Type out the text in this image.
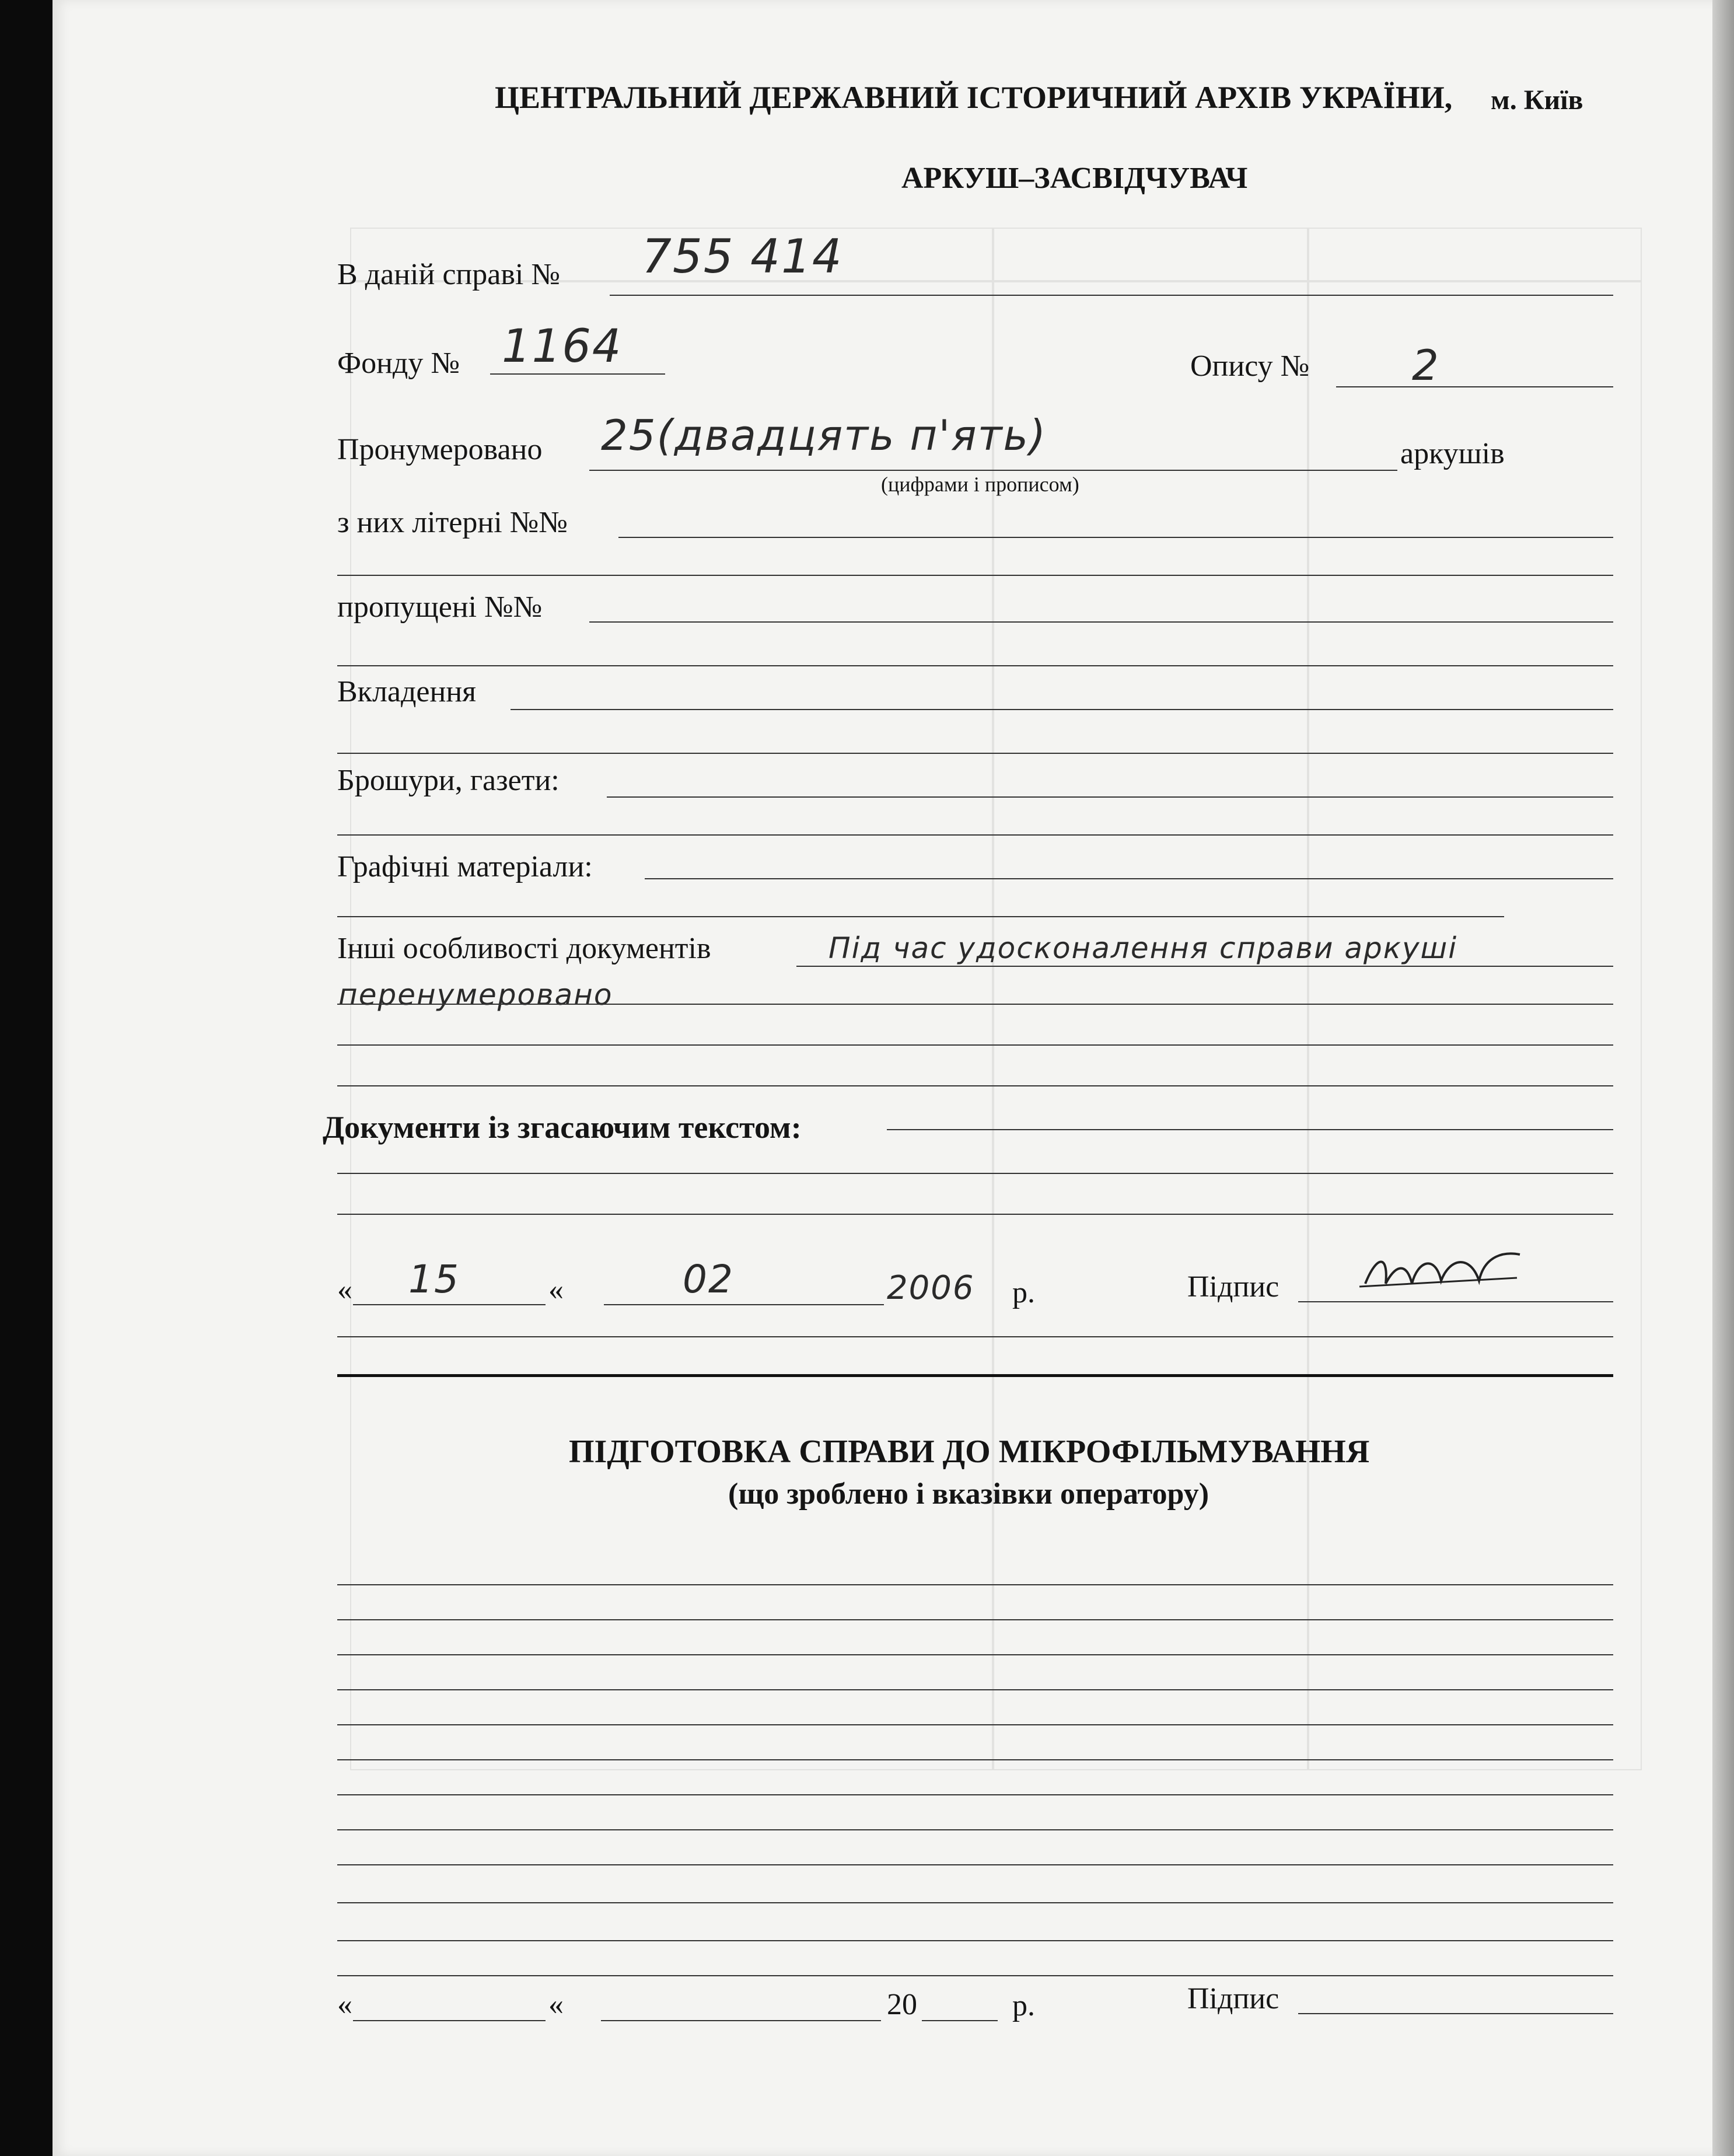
ЦЕНТРАЛЬНИЙ ДЕРЖАВНИЙ ІСТОРИЧНИЙ АРХІВ УКРАЇНИ, м. Київ
АРКУШ–ЗАСВІДЧУВАЧ
В даній справі № 755 414
Фонду № 1164	Опису № 2
Пронумеровано 25(двадцять п'ять)	аркушів
(цифрами і прописом)
з них літерні №№
пропущені №№
Вкладення
Брошури, газети:
Графічні матеріали:
Інші особливості документів	Під час удосконалення справи аркуші
перенумеровано
Документи із згасаючим текстом:
« 15	«	02	2006 р.	Підпис
ПІДГОТОВКА СПРАВИ ДО МІКРОФІЛЬМУВАННЯ
(що зроблено і вказівки оператору)
«	«	20	р.	Підпис
